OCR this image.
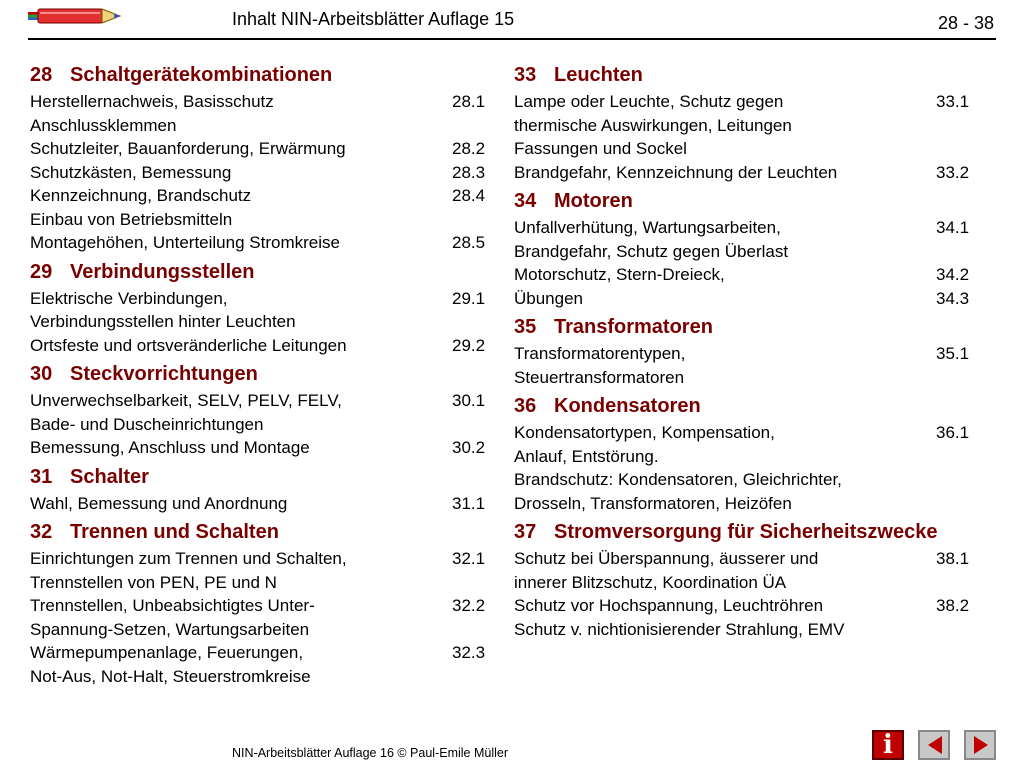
Inhalt NIN-Arbeitsblätter Auflage 15	28 - 38
28 Schaltgerätekombinationen
Herstellernachweis, Basisschutz	28.1
Anschlussklemmen
Schutzleiter, Bauanforderung, Erwärmung	28.2
Schutzkästen, Bemessung	28.3
Kennzeichnung, Brandschutz	28.4
Einbau von Betriebsmitteln
Montagehöhen, Unterteilung Stromkreise	28.5
29 Verbindungsstellen
Elektrische Verbindungen,	29.1
Verbindungsstellen hinter Leuchten
Ortsfeste und ortsveränderliche Leitungen	29.2
30 Steckvorrichtungen
Unverwechselbarkeit, SELV, PELV, FELV,	30.1
Bade- und Duscheinrichtungen
Bemessung, Anschluss und Montage	30.2
31 Schalter
Wahl, Bemessung und Anordnung	31.1
32 Trennen und Schalten
Einrichtungen zum Trennen und Schalten,	32.1
Trennstellen von PEN, PE und N
Trennstellen, Unbeabsichtigtes Unter-	32.2
Spannung-Setzen, Wartungsarbeiten
Wärmepumpenanlage, Feuerungen,	32.3
Not-Aus, Not-Halt, Steuerstromkreise
33 Leuchten
Lampe oder Leuchte, Schutz gegen	33.1
thermische Auswirkungen, Leitungen
Fassungen und Sockel
Brandgefahr, Kennzeichnung der Leuchten	33.2
34 Motoren
Unfallverhütung, Wartungsarbeiten,	34.1
Brandgefahr, Schutz gegen Überlast
Motorschutz, Stern-Dreieck,	34.2
Übungen	34.3
35 Transformatoren
Transformatorentypen,	35.1
Steuertransformatoren
36 Kondensatoren
Kondensatortypen, Kompensation,	36.1
Anlauf, Entstörung.
Brandschutz: Kondensatoren, Gleichrichter,
Drosseln, Transformatoren, Heizöfen
37 Stromversorgung für Sicherheitszwecke
Schutz bei Überspannung, äusserer und	38.1
innerer Blitzschutz, Koordination ÜA
Schutz vor Hochspannung, Leuchtröhren	38.2
Schutz v. nichtionisierender Strahlung, EMV
NIN-Arbeitsblätter Auflage 16 © Paul-Emile Müller	i
